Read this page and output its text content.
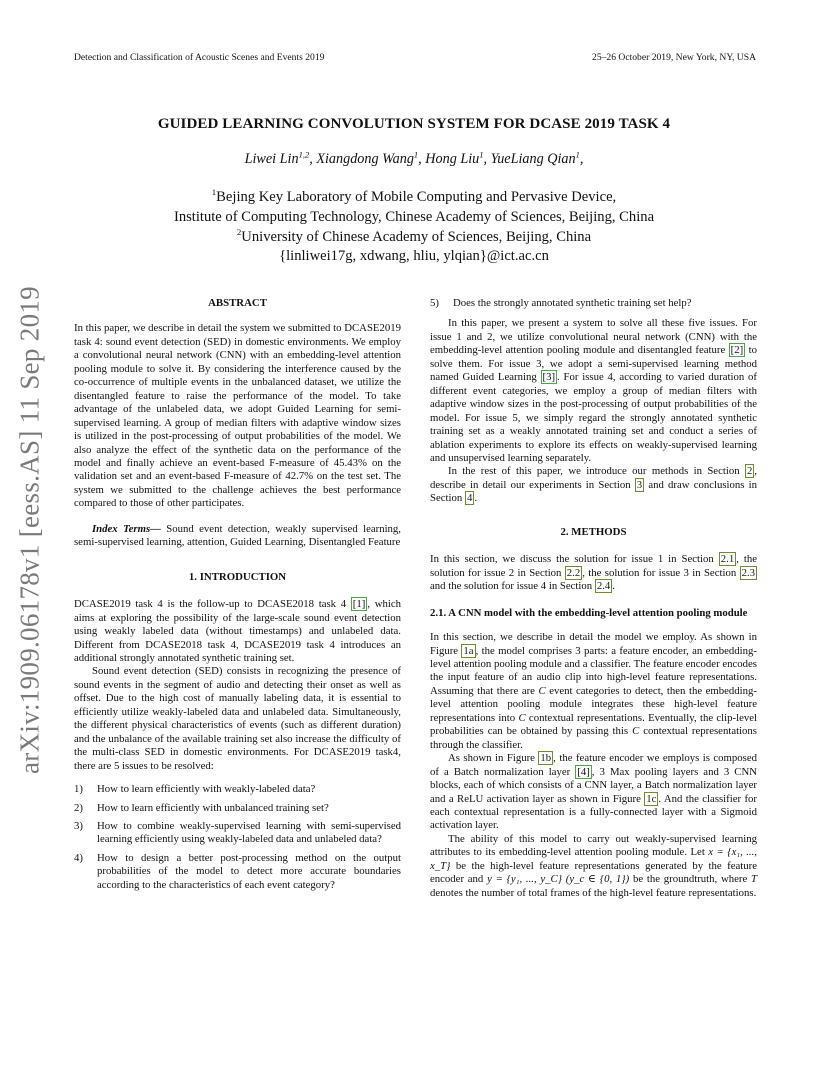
Detection and Classification of Acoustic Scenes and Events 2019	25–26 October 2019, New York, NY, USA
GUIDED LEARNING CONVOLUTION SYSTEM FOR DCASE 2019 TASK 4
Liwei Lin$^{1,2}$, Xiangdong Wang$^1$, Hong Liu$^1$, YueLiang Qian$^1$,
$^1$Bejing Key Laboratory of Mobile Computing and Pervasive Device,
Institute of Computing Technology, Chinese Academy of Sciences, Beijing, China
$^2$University of Chinese Academy of Sciences, Beijing, China
{linliwei17g, xdwang, hliu, ylqian}@ict.ac.cn
arXiv:1909.06178v1 [eess.AS] 11 Sep 2019	ABSTRACT

In this paper, we describe in detail the system we submitted to DCASE2019 task 4: sound event detection (SED) in domestic environments. We employ a convolutional neural network (CNN) with an embedding-level attention pooling module to solve it. By considering the interference caused by the co-occurrence of multiple events in the unbalanced dataset, we utilize the disentangled feature to raise the performance of the model. To take advantage of the unlabeled data, we adopt Guided Learning for semi-supervised learning. A group of median filters with adaptive window sizes is utilized in the post-processing of output probabilities of the model. We also analyze the effect of the synthetic data on the performance of the model and finally achieve an event-based F-measure of 45.43% on the validation set and an event-based F-measure of 42.7% on the test set. The system we submitted to the challenge achieves the best performance compared to those of other participates.

Index Terms— Sound event detection, weakly supervised learning, semi-supervised learning, attention, Guided Learning, Disentangled Feature

1. INTRODUCTION

DCASE2019 task 4 is the follow-up to DCASE2018 task 4 [1] , which aims at exploring the possibility of the large-scale sound event detection using weakly labeled data (without timestamps) and unlabeled data. Different from DCASE2018 task 4, DCASE2019 task 4 introduces an additional strongly annotated synthetic training set.

Sound event detection (SED) consists in recognizing the presence of sound events in the segment of audio and detecting their onset as well as offset. Due to the high cost of manually labeling data, it is essential to efficiently utilize weakly-labeled data and unlabeled data. Simultaneously, the different physical characteristics of events (such as different duration) and the unbalance of the available training set also increase the difficulty of the multi-class SED in domestic environments. For DCASE2019 task4, there are 5 issues to be resolved:

1) How to learn efficiently with weakly-labeled data?
2) How to learn efficiently with unbalanced training set?
3) How to combine weakly-supervised learning with semi-supervised learning efficiently using weakly-labeled data and unlabeled data?
4) How to design a better post-processing method on the output probabilities of the model to detect more accurate boundaries according to the characteristics of each event category?
5) Does the strongly annotated synthetic training set help?

In this paper, we present a system to solve all these five issues. For issue 1 and 2, we utilize convolutional neural network (CNN) with the embedding-level attention pooling module and disentangled feature [2] to solve them. For issue 3, we adopt a semi-supervised learning method named Guided Learning [3] . For issue 4, according to varied duration of different event categories, we employ a group of median filters with adaptive window sizes in the post-processing of output probabilities of the model. For issue 5, we simply regard the strongly annotated synthetic training set as a weakly annotated training set and conduct a series of ablation experiments to explore its effects on weakly-supervised learning and unsupervised learning separately.

In the rest of this paper, we introduce our methods in Section 2 , describe in detail our experiments in Section 3 and draw conclusions in Section 4 .

2. METHODS

In this section, we discuss the solution for issue 1 in Section 2.1 , the solution for issue 2 in Section 2.2 , the solution for issue 3 in Section 2.3 and the solution for issue 4 in Section 2.4 .

2.1. A CNN model with the embedding-level attention pooling module

In this section, we describe in detail the model we employ. As shown in Figure 1a , the model comprises 3 parts: a feature encoder, an embedding-level attention pooling module and a classifier. The feature encoder encodes the input feature of an audio clip into high-level feature representations. Assuming that there are C event categories to detect, then the embedding-level attention pooling module integrates these high-level feature representations into C contextual representations. Eventually, the clip-level probabilities can be obtained by passing this C contextual representations through the classifier.

As shown in Figure 1b , the feature encoder we employs is composed of a Batch normalization layer [4] , 3 Max pooling layers and 3 CNN blocks, each of which consists of a CNN layer, a Batch normalization layer and a ReLU activation layer as shown in Figure 1c . And the classifier for each contextual representation is a fully-connected layer with a Sigmoid activation layer.

The ability of this model to carry out weakly-supervised learning attributes to its embedding-level attention pooling module. Let x = {x₁, ..., x_T} be the high-level feature representations generated by the feature encoder and y = {y₁, ..., y_C} (y_c ∈ {0, 1}) be the groundtruth, where T denotes the number of total frames of the high-level feature representations.
